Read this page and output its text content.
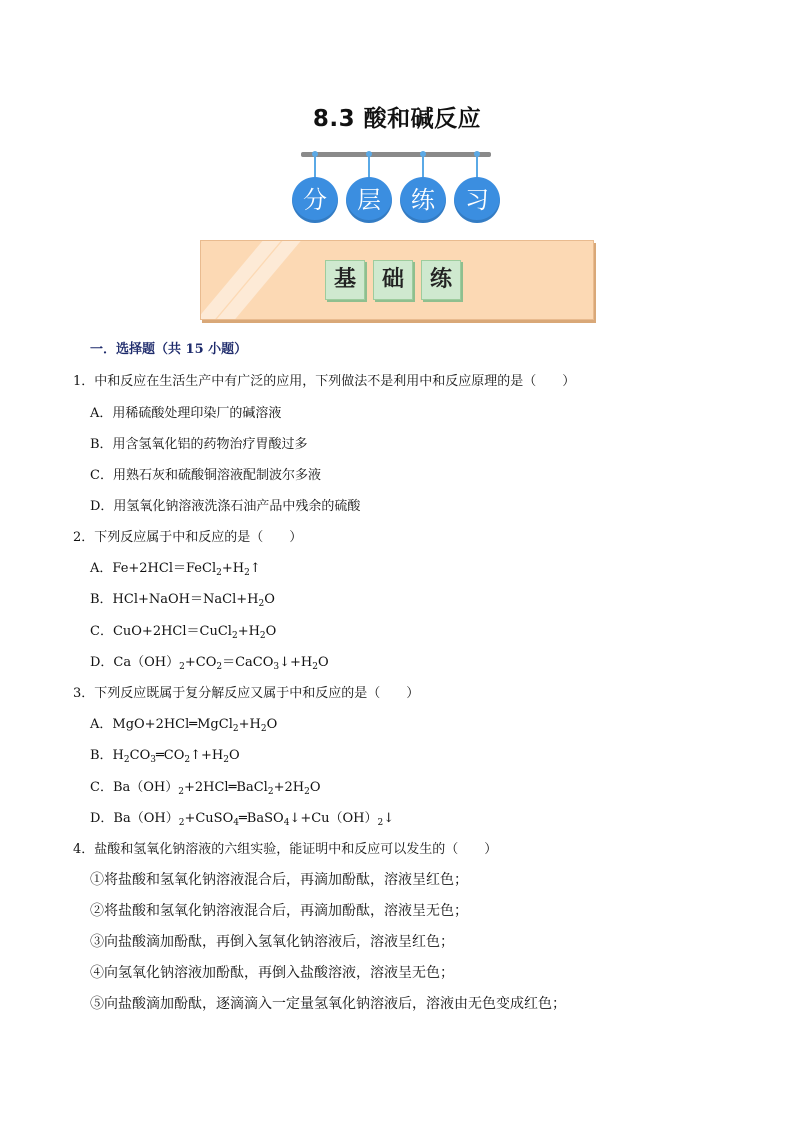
8.3 酸和碱反应
分	层	练	习
基	础	练
一．选择题（共 15 小题）
1．中和反应在生活生产中有广泛的应用，下列做法不是利用中和反应原理的是（　　）
A．用稀硫酸处理印染厂的碱溶液
B．用含氢氧化铝的药物治疗胃酸过多
C．用熟石灰和硫酸铜溶液配制波尔多液
D．用氢氧化钠溶液洗涤石油产品中残余的硫酸
2．下列反应属于中和反应的是（　　）
A．$Fe+2HCl=FeCl_2+H_2↑$
B．$HCl+NaOH=NaCl+H_2O$
C．$CuO+2HCl=CuCl_2+H_2O$
D．$Ca(OH)_2+CO_2=CaCO_3↓+H_2O$
3．下列反应既属于复分解反应又属于中和反应的是（　　）
A．$MgO+2HCl═MgCl_2+H_2O$
B．$H_2CO_3═CO_2↑+H_2O$
C．$Ba(OH)_2+2HCl═BaCl_2+2H_2O$
D．$Ba(OH)_2+CuSO_4═BaSO_4↓+Cu(OH)_2↓$
4．盐酸和氢氧化钠溶液的六组实验，能证明中和反应可以发生的（　　）
①将盐酸和氢氧化钠溶液混合后，再滴加酚酞，溶液呈红色；
②将盐酸和氢氧化钠溶液混合后，再滴加酚酞，溶液呈无色；
③向盐酸滴加酚酞，再倒入氢氧化钠溶液后，溶液呈红色；
④向氢氧化钠溶液加酚酞，再倒入盐酸溶液，溶液呈无色；
⑤向盐酸滴加酚酞，逐滴滴入一定量氢氧化钠溶液后，溶液由无色变成红色；
